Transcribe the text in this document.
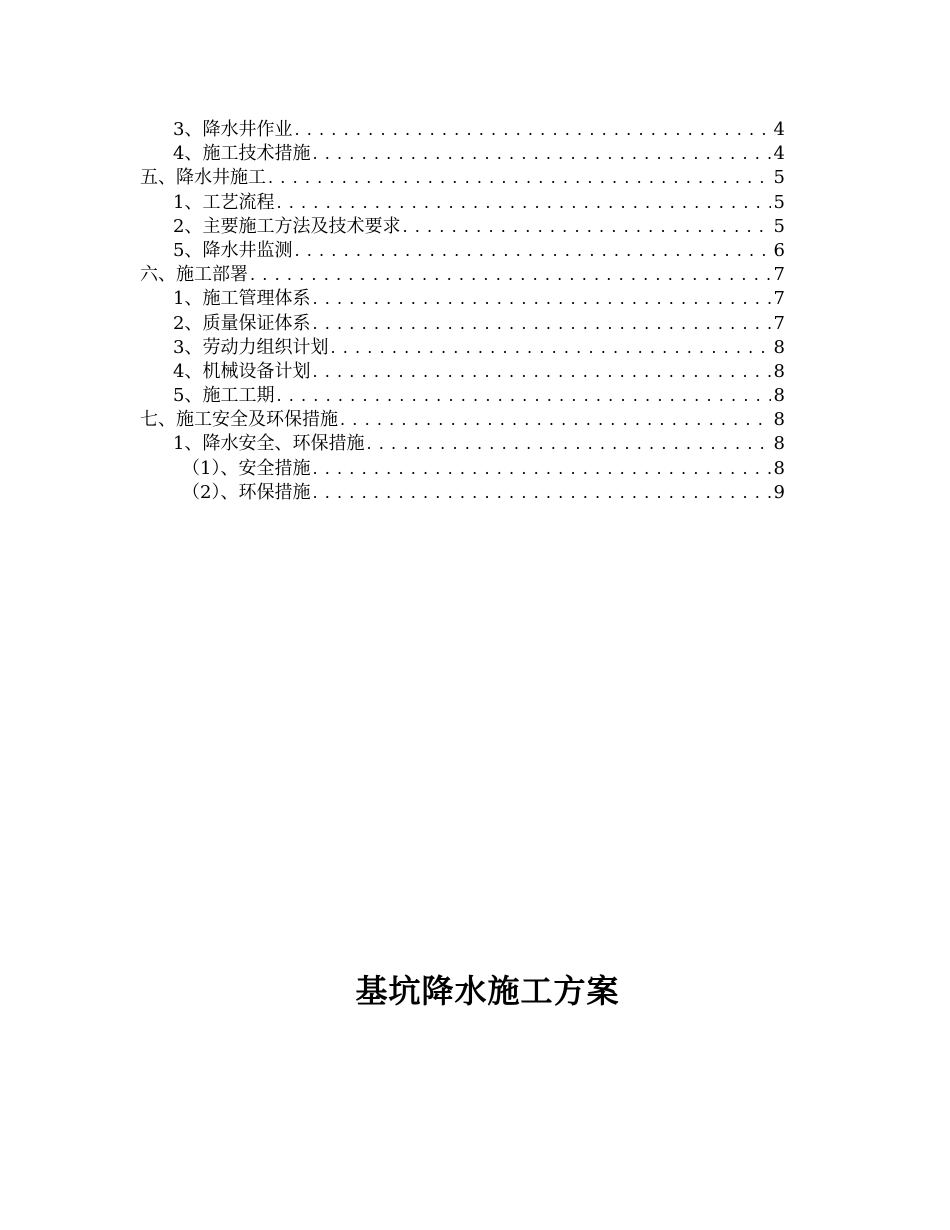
3、降水井作业 .....	4
4、施工技术措施 .....	4
五、降水井施工 .....	5
1、工艺流程 .....	5
2、主要施工方法及技术要求 .....	5
5、降水井监测 .....	6
六、施工部署 .....	7
1、施工管理体系 .....	7
2、质量保证体系 .....	7
3、劳动力组织计划 .....	8
4、机械设备计划 .....	8
5、施工工期 .....	8
七、施工安全及环保措施 .....	8
1、降水安全、环保措施 .....	8
（1）、安全措施 .....	8
（2）、环保措施 .....	9
基坑降水施工方案
